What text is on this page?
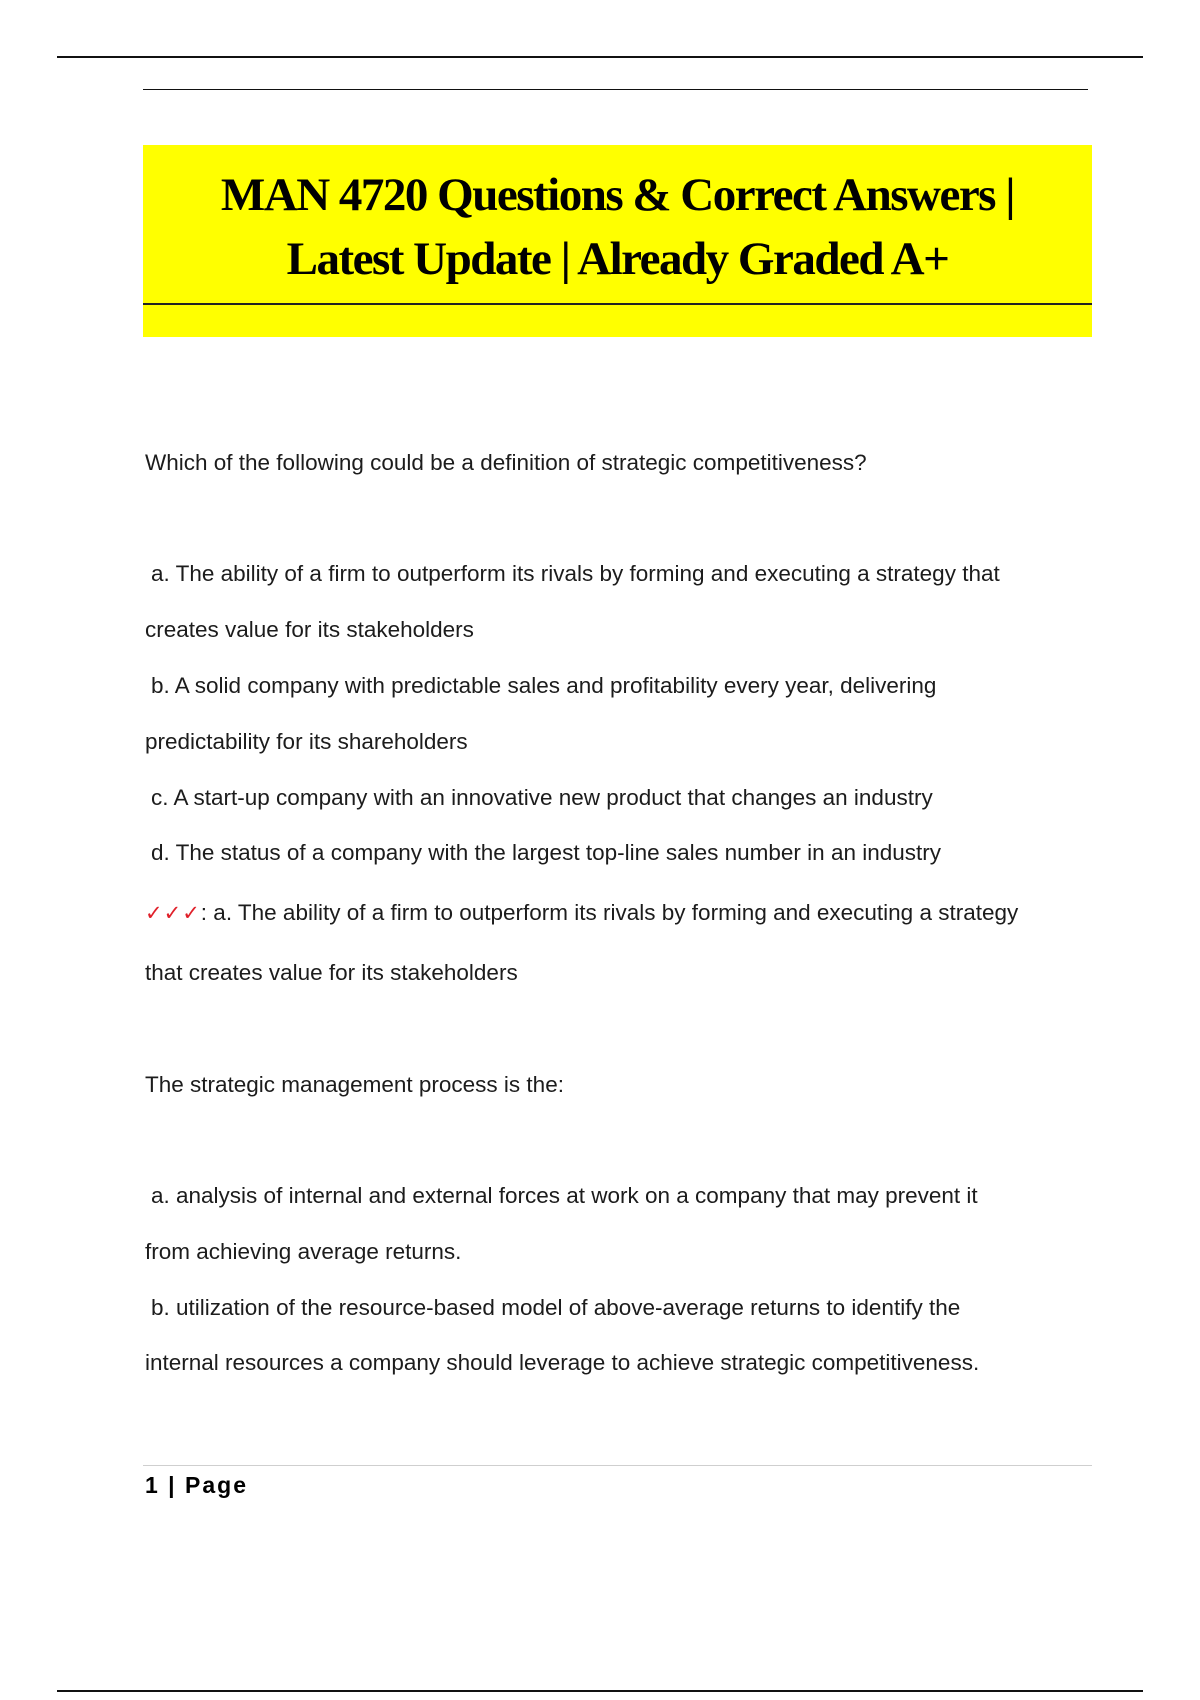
MAN 4720 Questions & Correct Answers |
Latest Update | Already Graded A+
Which of the following could be a definition of strategic competitiveness?
a. The ability of a firm to outperform its rivals by forming and executing a strategy that
creates value for its stakeholders
b. A solid company with predictable sales and profitability every year, delivering
predictability for its shareholders
c. A start-up company with an innovative new product that changes an industry
d. The status of a company with the largest top-line sales number in an industry
✓✓✓: a. The ability of a firm to outperform its rivals by forming and executing a strategy
that creates value for its stakeholders
The strategic management process is the:
a. analysis of internal and external forces at work on a company that may prevent it
from achieving average returns.
b. utilization of the resource-based model of above-average returns to identify the
internal resources a company should leverage to achieve strategic competitiveness.
1 | Page
